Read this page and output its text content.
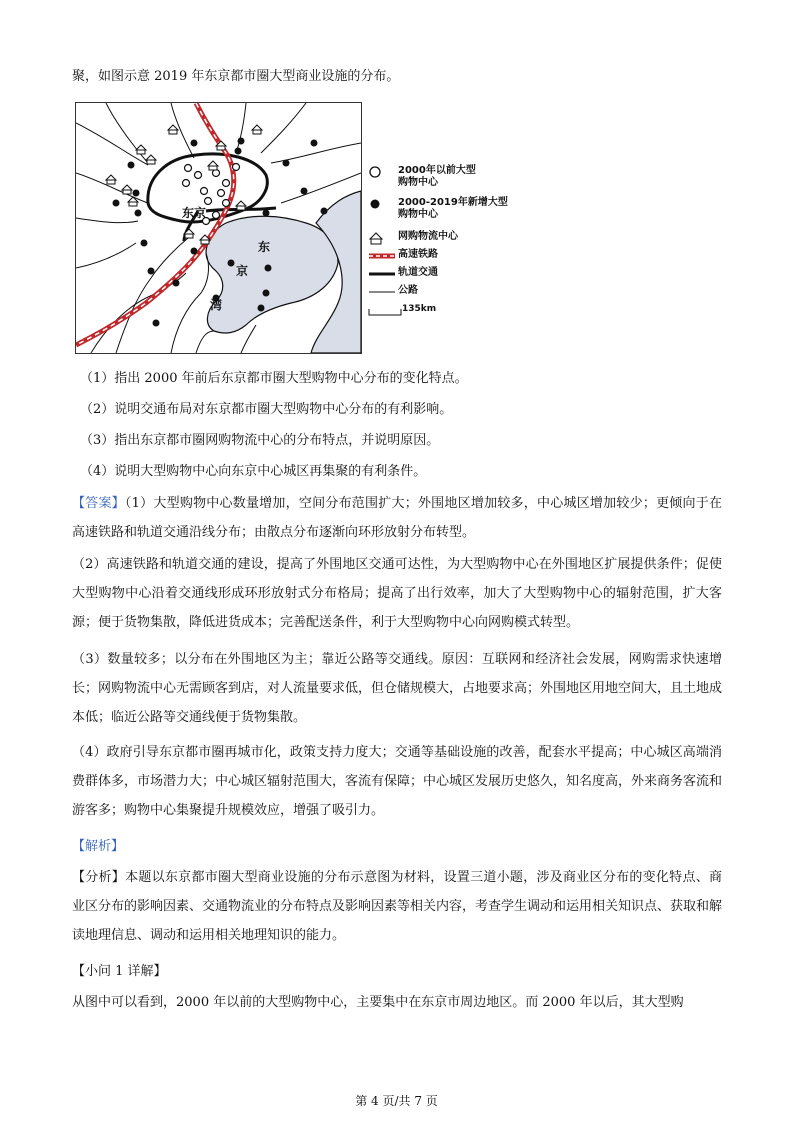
聚，如图示意 2019 年东京都市圈大型商业设施的分布。
东京
东
京
湾
2000年以前大型购物中心
2000-2019年新增大型购物中心
网购物流中心
高速铁路
轨道交通
公路
135km
（1）指出 2000 年前后东京都市圈大型购物中心分布的变化特点。
（2）说明交通布局对东京都市圈大型购物中心分布的有利影响。
（3）指出东京都市圈网购物流中心的分布特点，并说明原因。
（4）说明大型购物中心向东京中心城区再集聚的有利条件。
【答案】（1）大型购物中心数量增加，空间分布范围扩大；外围地区增加较多，中心城区增加较少；更倾向于在高速铁路和轨道交通沿线分布；由散点分布逐渐向环形放射分布转型。
（2）高速铁路和轨道交通的建设，提高了外围地区交通可达性，为大型购物中心在外围地区扩展提供条件；促使大型购物中心沿着交通线形成环形放射式分布格局；提高了出行效率，加大了大型购物中心的辐射范围，扩大客源；便于货物集散，降低进货成本；完善配送条件，利于大型购物中心向网购模式转型。
（3）数量较多；以分布在外围地区为主；靠近公路等交通线。原因：互联网和经济社会发展，网购需求快速增长；网购物流中心无需顾客到店，对人流量要求低，但仓储规模大，占地要求高；外围地区用地空间大，且土地成本低；临近公路等交通线便于货物集散。
（4）政府引导东京都市圈再城市化，政策支持力度大；交通等基础设施的改善，配套水平提高；中心城区高端消费群体多，市场潜力大；中心城区辐射范围大，客流有保障；中心城区发展历史悠久，知名度高，外来商务客流和游客多；购物中心集聚提升规模效应，增强了吸引力。
【解析】
【分析】本题以东京都市圈大型商业设施的分布示意图为材料，设置三道小题，涉及商业区分布的变化特点、商业区分布的影响因素、交通物流业的分布特点及影响因素等相关内容，考查学生调动和运用相关知识点、获取和解读地理信息、调动和运用相关地理知识的能力。
【小问 1 详解】
从图中可以看到，2000 年以前的大型购物中心，主要集中在东京市周边地区。而 2000 年以后，其大型购
第 4 页/共 7 页
